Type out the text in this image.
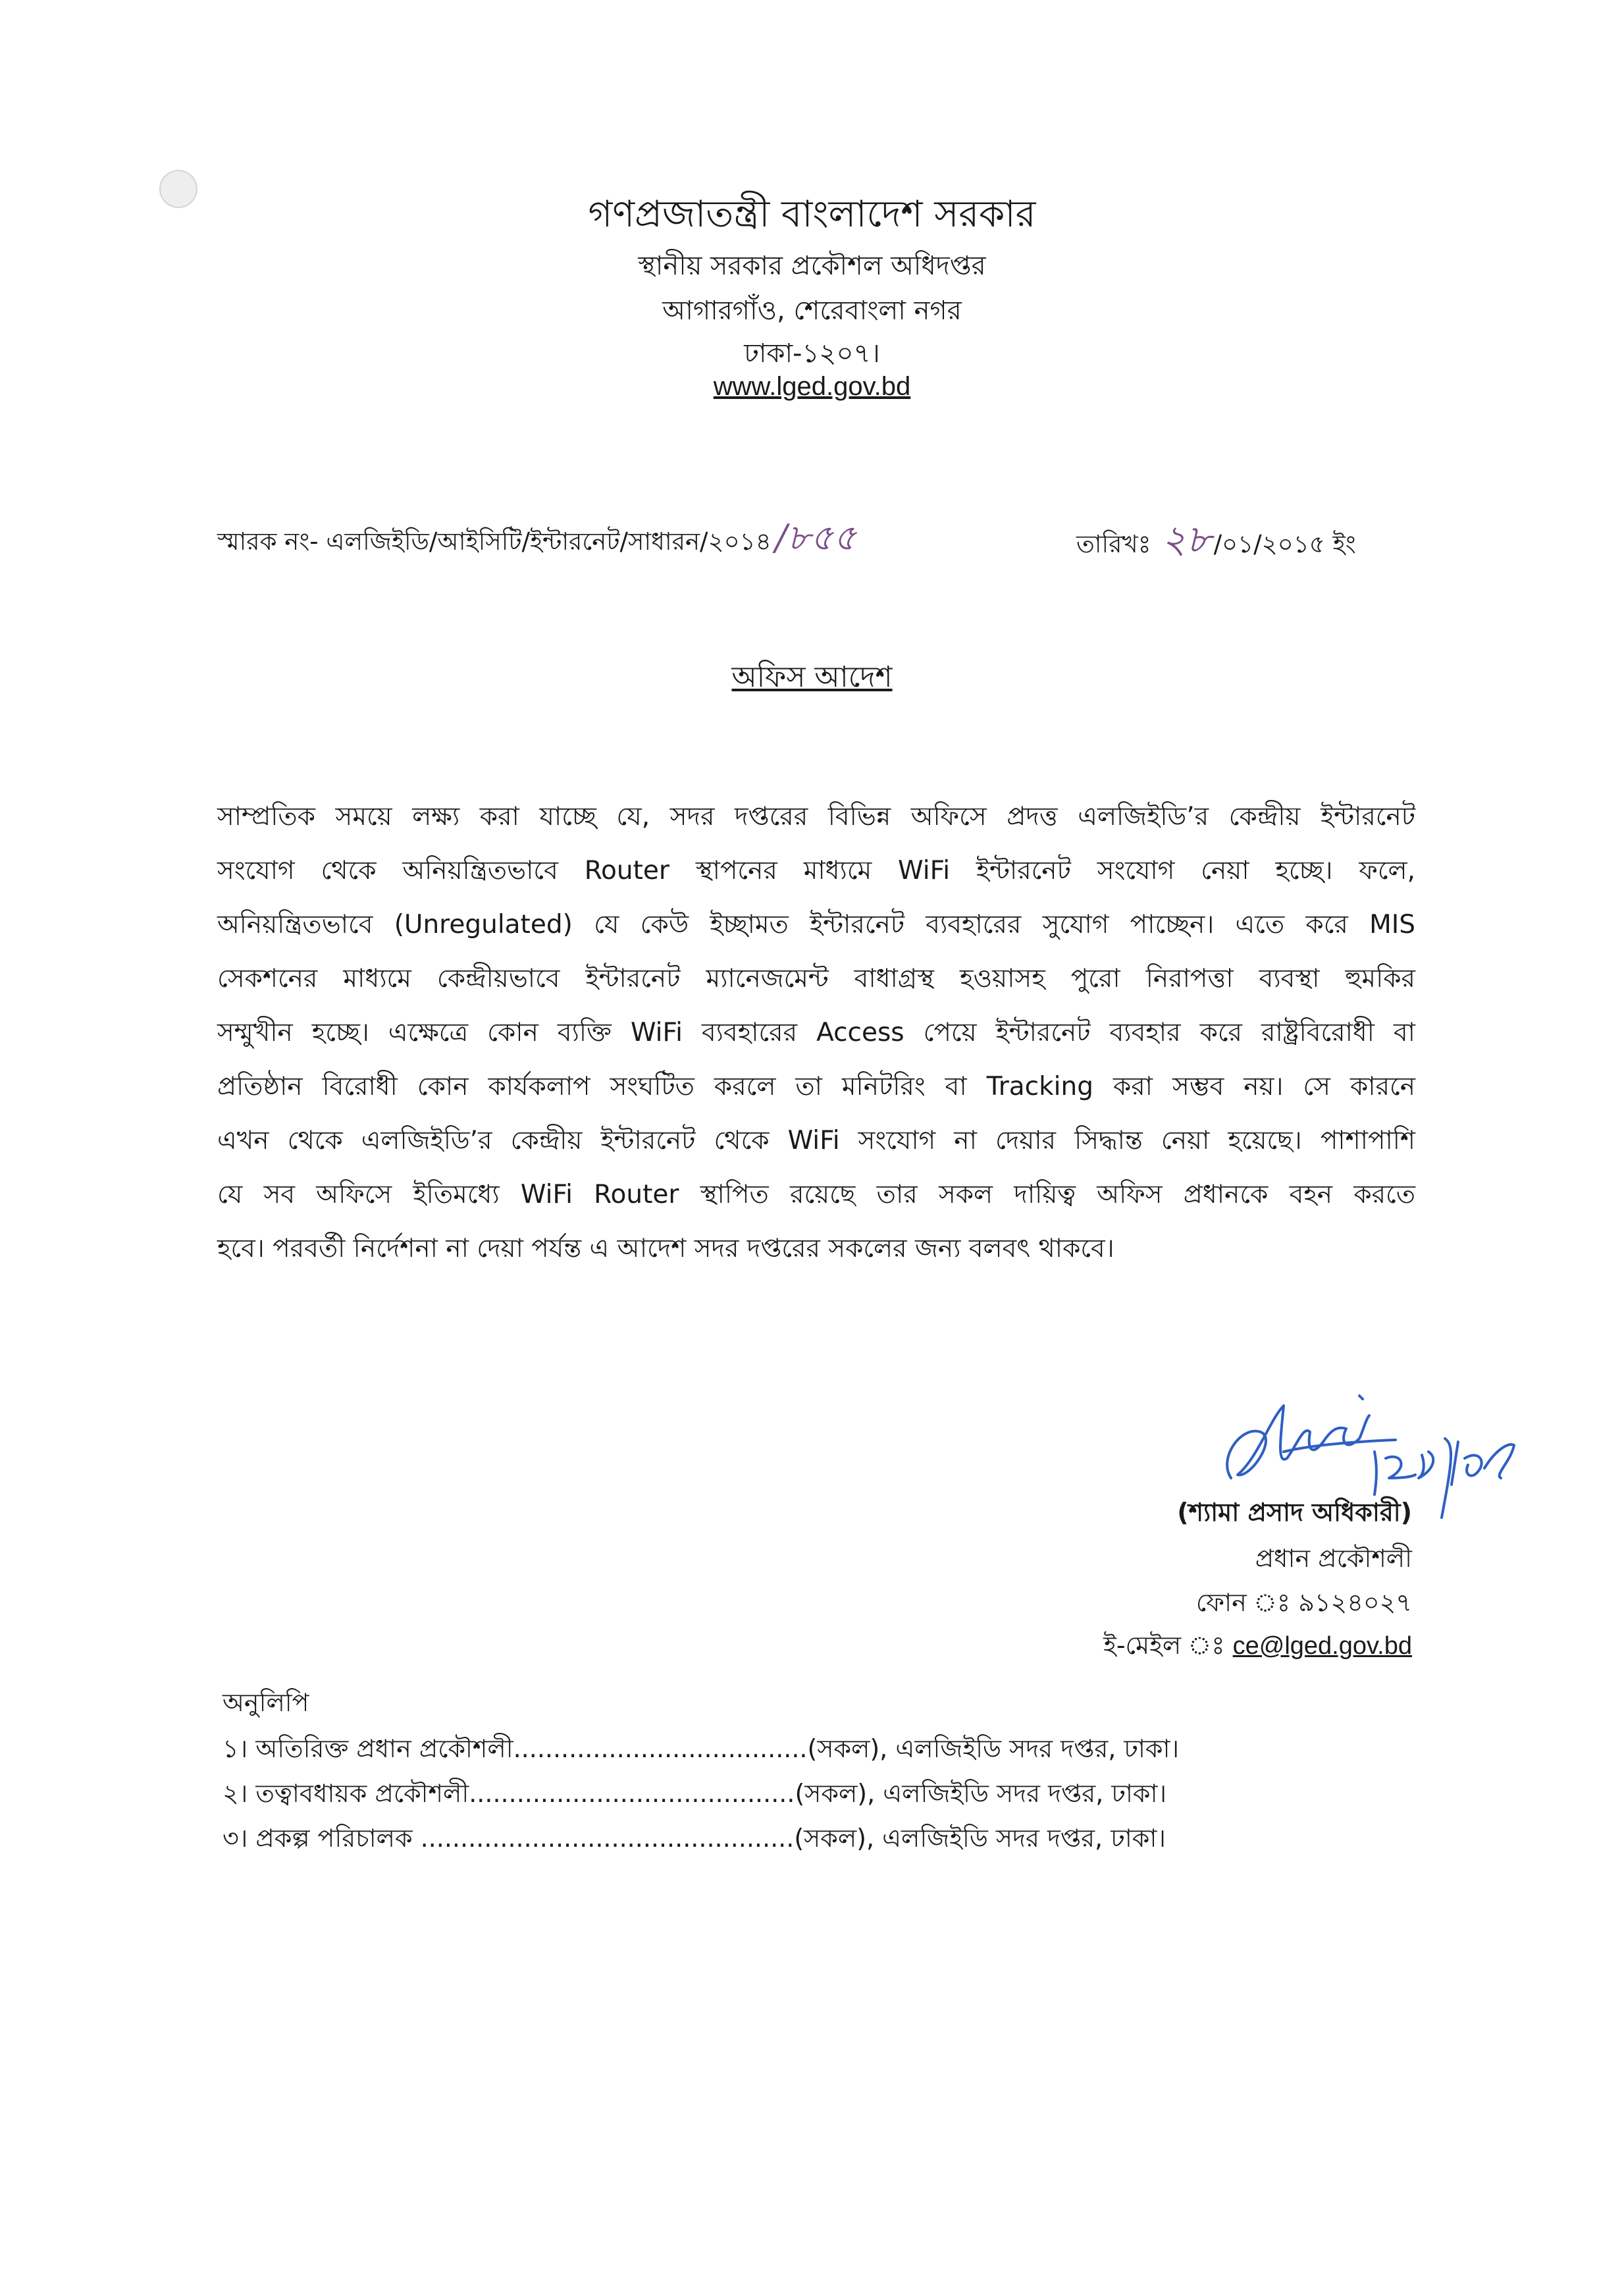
গণপ্রজাতন্ত্রী বাংলাদেশ সরকার
স্থানীয় সরকার প্রকৌশল অধিদপ্তর
আগারগাঁও, শেরেবাংলা নগর
ঢাকা-১২০৭।
www.lged.gov.bd
স্মারক নং- এলজিইডি/আইসিটি/ইন্টারনেট/সাধারন/২০১৪ /৮৫৫	তারিখঃ ২৮ /০১/২০১৫ ইং
অফিস আদেশ
সাম্প্রতিক সময়ে লক্ষ্য করা যাচ্ছে যে, সদর দপ্তরের বিভিন্ন অফিসে প্রদত্ত এলজিইডি’র কেন্দ্রীয় ইন্টারনেট
সংযোগ থেকে অনিয়ন্ত্রিতভাবে Router স্থাপনের মাধ্যমে WiFi ইন্টারনেট সংযোগ নেয়া হচ্ছে। ফলে,
অনিয়ন্ত্রিতভাবে (Unregulated) যে কেউ ইচ্ছামত ইন্টারনেট ব্যবহারের সুযোগ পাচ্ছেন। এতে করে MIS
সেকশনের মাধ্যমে কেন্দ্রীয়ভাবে ইন্টারনেট ম্যানেজমেন্ট বাধাগ্রস্থ হওয়াসহ পুরো নিরাপত্তা ব্যবস্থা হুমকির
সম্মুখীন হচ্ছে। এক্ষেত্রে কোন ব্যক্তি WiFi ব্যবহারের Access পেয়ে ইন্টারনেট ব্যবহার করে রাষ্ট্রবিরোধী বা
প্রতিষ্ঠান বিরোধী কোন কার্যকলাপ সংঘটিত করলে তা মনিটরিং বা Tracking করা সম্ভব নয়। সে কারনে
এখন থেকে এলজিইডি’র কেন্দ্রীয় ইন্টারনেট থেকে WiFi সংযোগ না দেয়ার সিদ্ধান্ত নেয়া হয়েছে। পাশাপাশি
যে সব অফিসে ইতিমধ্যে WiFi Router স্থাপিত রয়েছে তার সকল দায়িত্ব অফিস প্রধানকে বহন করতে
হবে। পরবর্তী নির্দেশনা না দেয়া পর্যন্ত এ আদেশ সদর দপ্তরের সকলের জন্য বলবৎ থাকবে।
(শ্যামা প্রসাদ অধিকারী)
প্রধান প্রকৌশলী
ফোন ঃ ৯১২৪০২৭
ই-মেইল ঃ ce@lged.gov.bd
অনুলিপি
১। অতিরিক্ত প্রধান প্রকৌশলী.....................................(সকল), এলজিইডি সদর দপ্তর, ঢাকা।
২। তত্বাবধায়ক প্রকৌশলী.........................................(সকল), এলজিইডি সদর দপ্তর, ঢাকা।
৩। প্রকল্প পরিচালক ...............................................(সকল), এলজিইডি সদর দপ্তর, ঢাকা।
